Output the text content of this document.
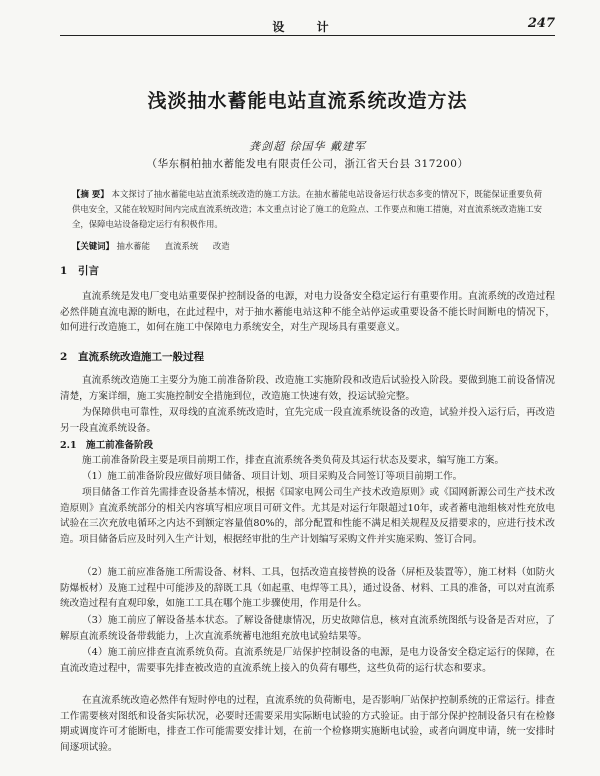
设 计	247
浅淡抽水蓄能电站直流系统改造方法
龚剑超 徐国华 戴建军
（华东桐柏抽水蓄能发电有限责任公司，浙江省天台县 317200）
【摘 要】 本文探讨了抽水蓄能电站直流系统改造的施工方法。在抽水蓄能电站设备运行状态多变的情况下，既能保证重要负荷供电安全，又能在较短时间内完成直流系统改造；本文重点讨论了施工的危险点、工作要点和施工措施，对直流系统改造施工安全，保障电站设备稳定运行有积极作用。
【关键词】 抽水蓄能 直流系统 改造
1 引言
直流系统是发电厂变电站重要保护控制设备的电源，对电力设备安全稳定运行有重要作用。直流系统的改造过程必然伴随直流电源的断电，在此过程中，对于抽水蓄能电站这种不能全站停运或重要设备不能长时间断电的情况下，如何进行改造施工，如何在施工中保障电力系统安全，对生产现场具有重要意义。
2 直流系统改造施工一般过程
直流系统改造施工主要分为施工前准备阶段、改造施工实施阶段和改造后试验投入阶段。要做到施工前设备情况清楚，方案详细，施工实施控制安全措施到位，改造施工快速有效，投运试验完整。
为保障供电可靠性，双母线的直流系统改造时，宜先完成一段直流系统设备的改造，试验并投入运行后，再改造另一段直流系统设备。
2.1 施工前准备阶段
施工前准备阶段主要是项目前期工作，排查直流系统各类负荷及其运行状态及要求，编写施工方案。
（1）施工前准备阶段应做好项目储备、项目计划、项目采购及合同签订等项目前期工作。
项目储备工作首先需排查设备基本情况，根据《国家电网公司生产技术改造原则》或《国网新源公司生产技术改造原则》直流系统部分的相关内容填写相应项目可研文件。尤其是对运行年限超过10年，或者蓄电池组核对性充放电试验在三次充放电循环之内达不到额定容量值80%的，部分配置和性能不满足相关规程及反措要求的，应进行技术改造。项目储备后应及时列入生产计划，根据经审批的生产计划编写采购文件并实施采购、签订合同。
（2）施工前应准备施工所需设备、材料、工具，包括改造直接替换的设备（屏柜及装置等），施工材料（如防火防爆板材）及施工过程中可能涉及的辞既工具（如起重、电焊等工具），通过设备、材料、工具的准备，可以对直流系统改造过程有直观印象，如施工工具在哪个施工步骤使用，作用是什么。
（3）施工前应了解设备基本状态。了解设备健康情况，历史故障信息，核对直流系统图纸与设备是否对应，了解原直流系统设备带载能力，上次直流系统蓄电池组充放电试验结果等。
（4）施工前应排查直流系统负荷。直流系统是厂站保护控制设备的电源，是电力设备安全稳定运行的保障，在直流改造过程中，需要事先排查被改造的直流系统上接入的负荷有哪些，这些负荷的运行状态和要求。
在直流系统改造必然伴有短时停电的过程，直流系统的负荷断电，是否影响厂站保护控制系统的正常运行。排查工作需要核对图纸和设备实际状况，必要时还需要采用实际断电试验的方式验证。由于部分保护控制设备只有在检修期或调度许可才能断电，排查工作可能需要安排计划，在前一个检修期实施断电试验，或者向调度申请，统一安排时间逐项试验。
